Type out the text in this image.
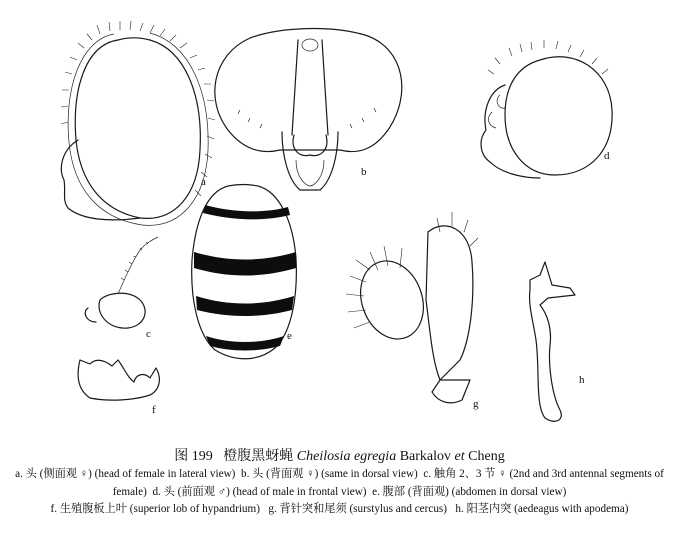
a
b
c
d
e
f	g
h
图 199 橙腹黑蚜蝇 Cheilosia egregia Barkalov et Cheng
a. 头 (侧面观 ♀) (head of female in lateral view) b. 头 (背面观 ♀) (same in dorsal view) c. 触角 2、3 节 ♀ (2nd and 3rd antennal segments of female) d. 头 (前面观 ♂) (head of male in frontal view) e. 腹部 (背面观) (abdomen in dorsal view)
f. 生殖腹板上叶 (superior lob of hypandrium) g. 背针突和尾须 (surstylus and cercus) h. 阳茎内突 (aedeagus with apodema)
